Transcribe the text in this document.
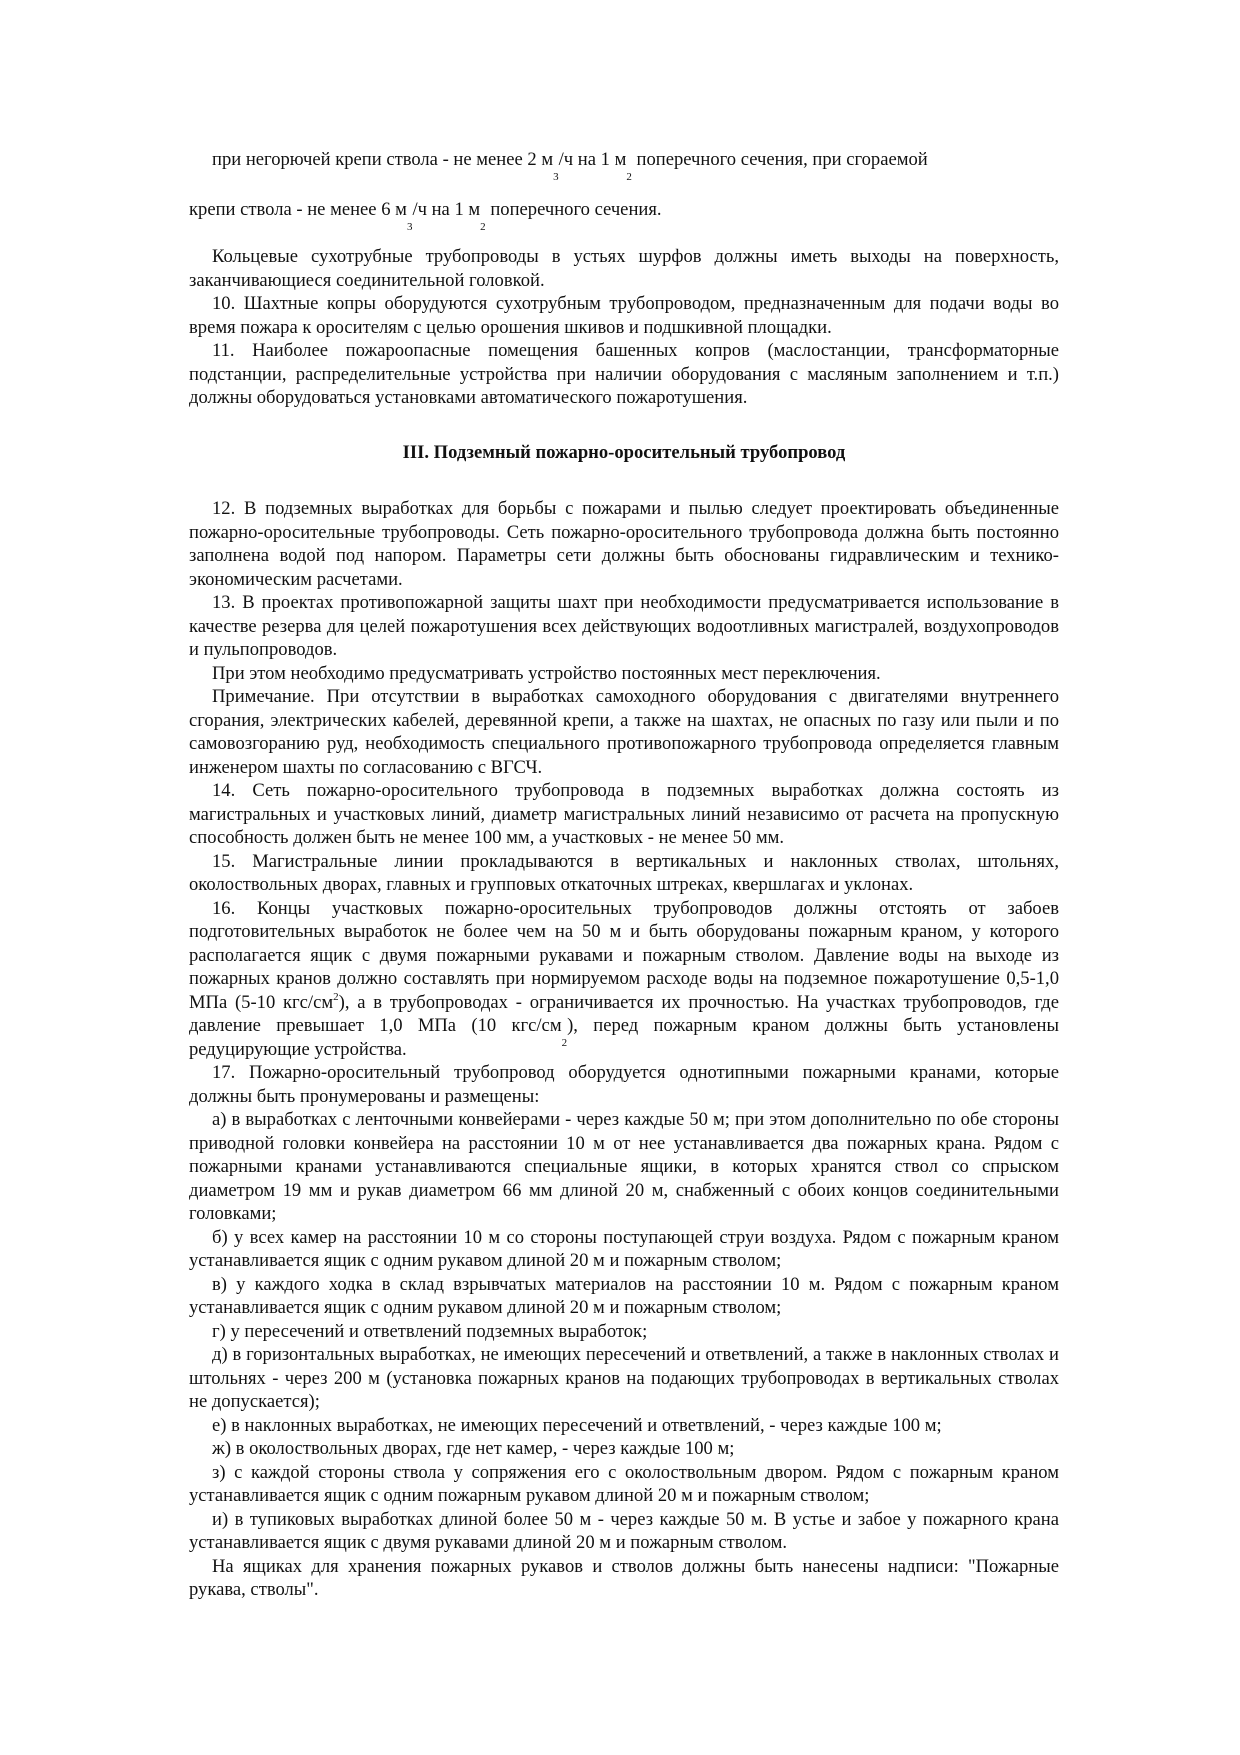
при негорючей крепи ствола - не менее 2 $м_3/ч$ на 1 $м_2$ поперечного сечения, при сгораемой

крепи ствола - не менее 6 $м_3/ч$ на 1 $м_2$ поперечного сечения.

Кольцевые сухотрубные трубопроводы в устьях шурфов должны иметь выходы на поверхность, заканчивающиеся соединительной головкой.

10. Шахтные копры оборудуются сухотрубным трубопроводом, предназначенным для подачи воды во время пожара к оросителям с целью орошения шкивов и подшкивной площадки.

11. Наиболее пожароопасные помещения башенных копров (маслостанции, трансформаторные подстанции, распределительные устройства при наличии оборудования с масляным заполнением и т.п.) должны оборудоваться установками автоматического пожаротушения.

III. Подземный пожарно-оросительный трубопровод

12. В подземных выработках для борьбы с пожарами и пылью следует проектировать объединенные пожарно-оросительные трубопроводы. Сеть пожарно-оросительного трубопровода должна быть постоянно заполнена водой под напором. Параметры сети должны быть обоснованы гидравлическим и технико-экономическим расчетами.

13. В проектах противопожарной защиты шахт при необходимости предусматривается использование в качестве резерва для целей пожаротушения всех действующих водоотливных магистралей, воздухопроводов и пульпопроводов.

При этом необходимо предусматривать устройство постоянных мест переключения.

Примечание. При отсутствии в выработках самоходного оборудования с двигателями внутреннего сгорания, электрических кабелей, деревянной крепи, а также на шахтах, не опасных по газу или пыли и по самовозгоранию руд, необходимость специального противопожарного трубопровода определяется главным инженером шахты по согласованию с ВГСЧ.

14. Сеть пожарно-оросительного трубопровода в подземных выработках должна состоять из магистральных и участковых линий, диаметр магистральных линий независимо от расчета на пропускную способность должен быть не менее 100 мм, а участковых - не менее 50 мм.

15. Магистральные линии прокладываются в вертикальных и наклонных стволах, штольнях, околоствольных дворах, главных и групповых откаточных штреках, квершлагах и уклонах.

16. Концы участковых пожарно-оросительных трубопроводов должны отстоять от забоев подготовительных выработок не более чем на 50 м и быть оборудованы пожарным краном, у которого располагается ящик с двумя пожарными рукавами и пожарным стволом. Давление воды на выходе из пожарных кранов должно составлять при нормируемом расходе воды на подземное пожаротушение 0,5-1,0 МПа (5-10 кгс/$см^2$), а в трубопроводах - ограничивается их прочностью. На участках трубопроводов, где давление превышает 1,0 МПа (10 кгс/$см_2$), перед пожарным краном должны быть установлены редуцирующие устройства.

17. Пожарно-оросительный трубопровод оборудуется однотипными пожарными кранами, которые должны быть пронумерованы и размещены:

а) в выработках с ленточными конвейерами - через каждые 50 м; при этом дополнительно по обе стороны приводной головки конвейера на расстоянии 10 м от нее устанавливается два пожарных крана. Рядом с пожарными кранами устанавливаются специальные ящики, в которых хранятся ствол со спрыском диаметром 19 мм и рукав диаметром 66 мм длиной 20 м, снабженный с обоих концов соединительными головками;

б) у всех камер на расстоянии 10 м со стороны поступающей струи воздуха. Рядом с пожарным краном устанавливается ящик с одним рукавом длиной 20 м и пожарным стволом;

в) у каждого ходка в склад взрывчатых материалов на расстоянии 10 м. Рядом с пожарным краном устанавливается ящик с одним рукавом длиной 20 м и пожарным стволом;

г) у пересечений и ответвлений подземных выработок;

д) в горизонтальных выработках, не имеющих пересечений и ответвлений, а также в наклонных стволах и штольнях - через 200 м (установка пожарных кранов на подающих трубопроводах в вертикальных стволах не допускается);

е) в наклонных выработках, не имеющих пересечений и ответвлений, - через каждые 100 м;

ж) в околоствольных дворах, где нет камер, - через каждые 100 м;

з) с каждой стороны ствола у сопряжения его с околоствольным двором. Рядом с пожарным краном устанавливается ящик с одним пожарным рукавом длиной 20 м и пожарным стволом;

и) в тупиковых выработках длиной более 50 м - через каждые 50 м. В устье и забое у пожарного крана устанавливается ящик с двумя рукавами длиной 20 м и пожарным стволом.

На ящиках для хранения пожарных рукавов и стволов должны быть нанесены надписи: "Пожарные рукава, стволы".
